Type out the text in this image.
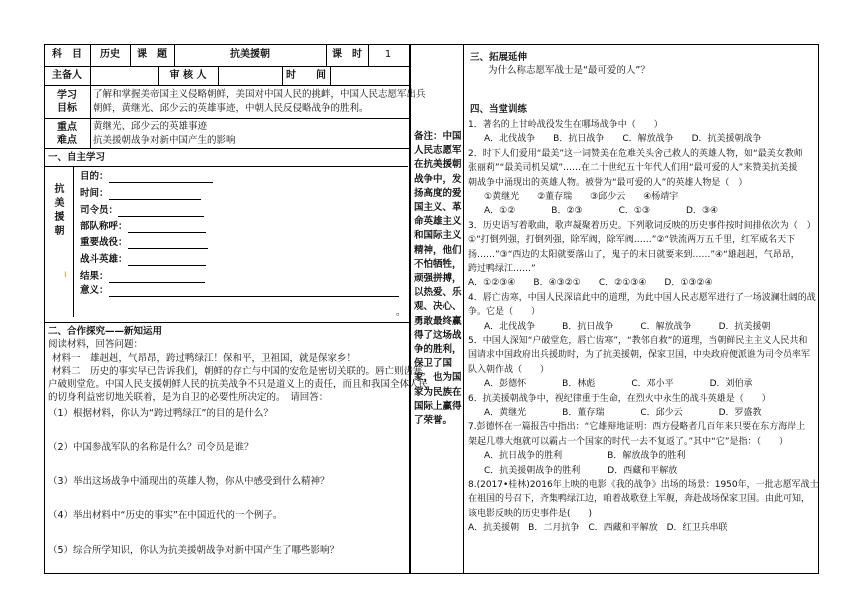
科　目	历史	课　题	抗美援朝	课　时	1
主备人	审 核 人	时　　间
学习
目标
了解和掌握美帝国主义侵略朝鲜，美国对中国人民的挑衅，中国人民志愿军出兵
朝鲜，黄继光、邱少云的英雄事迹，中朝人民反侵略战争的胜利。
重点
难点
黄继光、邱少云的英雄事迹
抗美援朝战争对新中国产生的影响
一、自主学习
抗美援朝
ı
目的：
时间：
司令员：
部队称呼：
重要战役：
战斗英雄：
结果：
意义：
。
二、合作探究——新知运用
阅读材料，回答问题：
材料一　雄赳赳，气昂昂，跨过鸭绿江！保和平，卫祖国，就是保家乡！
材料二　历史的事实早已告诉我们，朝鲜的存亡与中国的安危是密切关联的。唇亡则齿寒，
户破则堂危。中国人民支援朝鲜人民的抗美战争不只是道义上的责任，而且和我国全体人民
的切身利益密切地关联着，是为自卫的必要性所决定的。　请回答：
（1）根据材料，你认为“跨过鸭绿江”的目的是什么？
（2）中国参战军队的名称是什么？司令员是谁？
（3）举出这场战争中涌现出的英雄人物，你从中感受到什么精神？
（4）举出材料中“历史的事实”在中国近代的一个例子。
（5）综合所学知识，你认为抗美援朝战争对新中国产生了哪些影响？
备注：中国人民志愿军在抗美援朝战争中，发扬高度的爱国主义、革命英雄主义和国际主义精神，他们不怕牺牲，顽强拼搏，以热爱、乐观、决心、勇敢最终赢得了这场战争的胜利，保卫了国家，也为国家为民族在国际上赢得了荣誉。
三、拓展延伸
为什么称志愿军战士是“最可爱的人”？
四、当堂训练
1．著名的上甘岭战役发生在哪场战争中（　　）
A．北伐战争　　B．抗日战争　　C．解放战争　　D．抗美援朝战争
2．时下人们爱用“最美”这一词赞美在危难关头舍己救人的英雄人物，如“最美女教师
张丽莉”“最美司机吴斌”……在二十世纪五十年代人们用“最可爱的人”来赞美抗美援
朝战争中涌现出的英雄人物。被誉为“最可爱的人”的英雄人物是（　）
①黄继光　　②董存瑞　　③邱少云　　④杨靖宇
A．①②　　　　B．②③　　　　C．①③　　　　D．③④
3．历史语写着歌曲，歌声凝聚着历史。下列歌词反映的历史事件按时间排依次为（　）
①“打倒列强，打倒列强，除军阀，除军阀……”②“铁流两万五千里，红军威名天下
扬……”③“西边的太阳就要落山了，鬼子的末日就要来到……”④“雄赳赳，气昂昂，
跨过鸭绿江……”
A．①②③④　　B．④③②①　　C．②①③④　　D．①③②④
4．唇亡齿寒，中国人民深谙此中的道理，为此中国人民志愿军进行了一场波澜壮阔的战
争。它是（　　）
A．北伐战争　　　B．抗日战争　　　C．解放战争　　　D．抗美援朝
5．中国人深知“户破堂危，唇亡齿寒”，“教邻自救”的道理，当朝鲜民主主义人民共和
国请求中国政府出兵援助时，为了抗美援朝，保家卫国，中央政府便派谁为司令员率军
队入朝作战（　　）
A．彭德怀　　　　B．林彪　　　　C．邓小平　　　　D．刘伯承
6．抗美援朝战争中，视纪律重于生命，在烈火中永生的战斗英雄是（　　）
A．黄继光　　　　B．董存瑞　　　　C．邱少云　　　　D．罗盛教
7.彭德怀在一篇报告中指出：“它雄辩地证明：西方侵略者几百年来只要在东方海岸上
架起几尊大炮就可以霸占一个国家的时代一去不复返了。”其中“它”是指：（　　）
A．抗日战争的胜利　　　　　B．解放战争的胜利
C．抗美援朝战争的胜利　　　D．西藏和平解放
8.(2017•桂林)2016年上映的电影《我的战争》出场的场景：1950年，一批志愿军战士
在祖国的号召下，齐集鸭绿江边，咱着战歌登上军舰，奔赴战场保家卫国。由此可知，
该电影反映的历史事件是(　　)
A．抗美援朝　B．二月抗争　C．西藏和平解放　D．红卫兵串联
